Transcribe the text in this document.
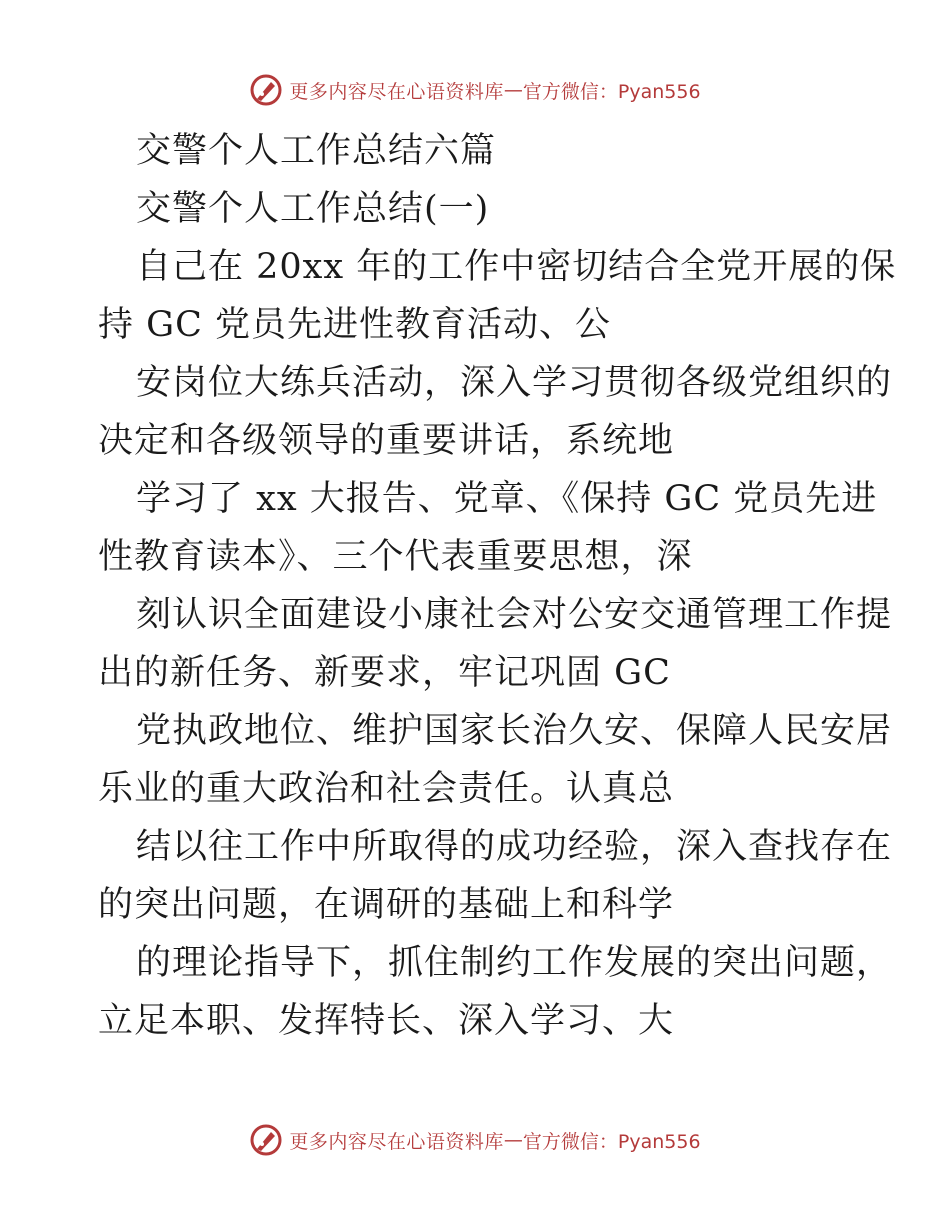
更多内容尽在心语资料库 — 官方微信：Pyan556
交警个人工作总结六篇
交警个人工作总结(一)
自己在 20xx 年的工作中密切结合全党开展的保
持 GC 党员先进性教育活动、公
安岗位大练兵活动，深入学习贯彻各级党组织的
决定和各级领导的重要讲话，系统地
学习了 xx 大报告、党章、《保持 GC 党员先进
性教育读本》、三个代表重要思想，深
刻认识全面建设小康社会对公安交通管理工作提
出的新任务、新要求，牢记巩固 GC
党执政地位、维护国家长治久安、保障人民安居
乐业的重大政治和社会责任。认真总
结以往工作中所取得的成功经验，深入查找存在
的突出问题，在调研的基础上和科学
的理论指导下，抓住制约工作发展的突出问题，
立足本职、发挥特长、深入学习、大
更多内容尽在心语资料库 — 官方微信：Pyan556
